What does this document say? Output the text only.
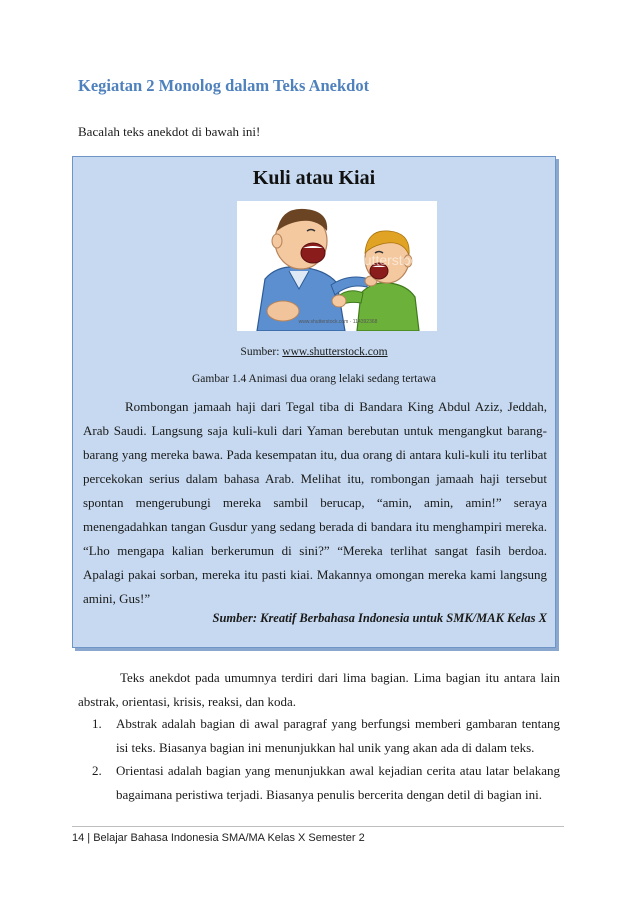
Kegiatan 2 Monolog dalam Teks Anekdot
Bacalah teks anekdot di bawah ini!
Kuli atau Kiai
shutterstock
www.shutterstock.com · 114392368
Sumber: www.shutterstock.com
Gambar 1.4 Animasi dua orang lelaki sedang tertawa

Rombongan jamaah haji dari Tegal tiba di Bandara King Abdul Aziz, Jeddah, Arab Saudi. Langsung saja kuli-kuli dari Yaman berebutan untuk mengangkut barang-barang yang mereka bawa. Pada kesempatan itu, dua orang di antara kuli-kuli itu terlibat percekokan serius dalam bahasa Arab. Melihat itu, rombongan jamaah haji tersebut spontan mengerubungi mereka sambil berucap, “amin, amin, amin!” seraya menengadahkan tangan Gusdur yang sedang berada di bandara itu menghampiri mereka. “Lho mengapa kalian berkerumun di sini?” “Mereka terlihat sangat fasih berdoa. Apalagi pakai sorban, mereka itu pasti kiai. Makannya omongan mereka kami langsung amini, Gus!”

Sumber: Kreatif Berbahasa Indonesia untuk SMK/MAK Kelas X

Teks anekdot pada umumnya terdiri dari lima bagian. Lima bagian itu antara lain abstrak, orientasi, krisis, reaksi, dan koda.

1. Abstrak adalah bagian di awal paragraf yang berfungsi memberi gambaran tentang isi teks. Biasanya bagian ini menunjukkan hal unik yang akan ada di dalam teks.
2. Orientasi adalah bagian yang menunjukkan awal kejadian cerita atau latar belakang bagaimana peristiwa terjadi. Biasanya penulis bercerita dengan detil di bagian ini.
14 | Belajar Bahasa Indonesia SMA/MA Kelas X Semester 2
